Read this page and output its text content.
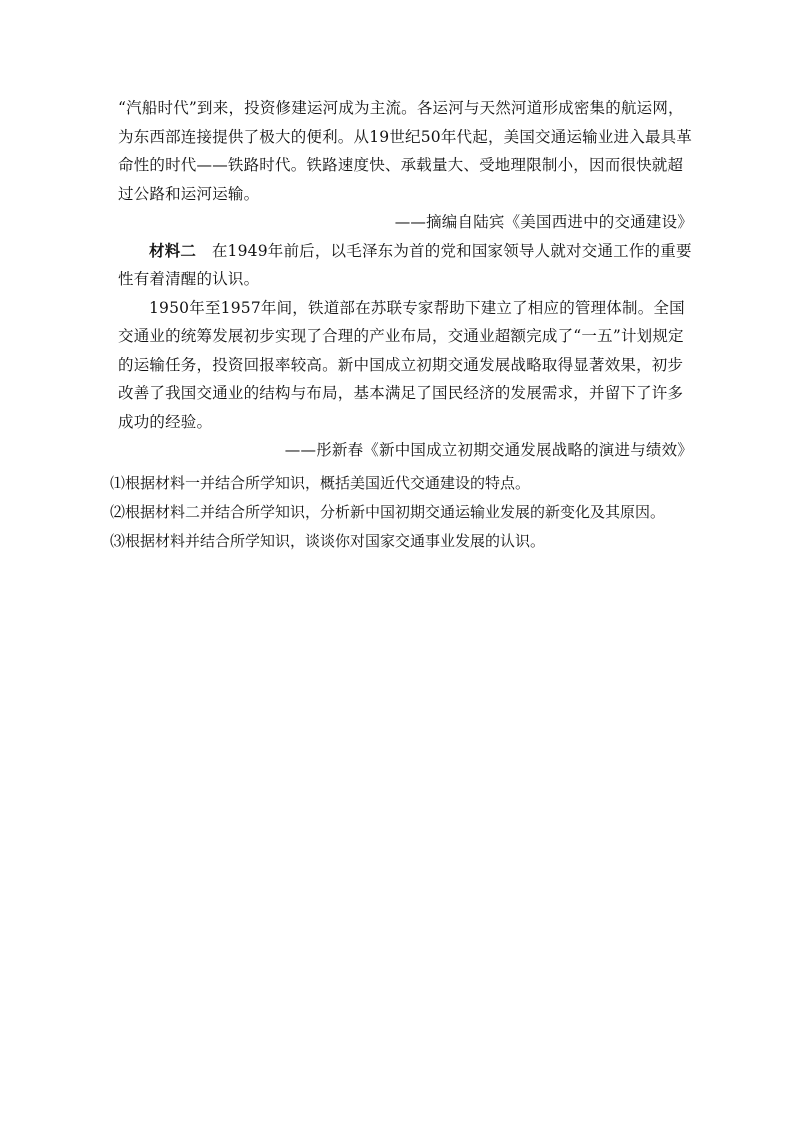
“汽船时代”到来，投资修建运河成为主流。各运河与天然河道形成密集的航运网，为东西部连接提供了极大的便利。从19世纪50年代起，美国交通运输业进入最具革命性的时代——铁路时代。铁路速度快、承载量大、受地理限制小，因而很快就超过公路和运河运输。

——摘编自陆宾《美国西进中的交通建设》

材料二　 在1949年前后，以毛泽东为首的党和国家领导人就对交通工作的重要性有着清醒的认识。

1950年至1957年间，铁道部在苏联专家帮助下建立了相应的管理体制。全国交通业的统筹发展初步实现了合理的产业布局，交通业超额完成了“一五”计划规定的运输任务，投资回报率较高。新中国成立初期交通发展战略取得显著效果，初步改善了我国交通业的结构与布局，基本满足了国民经济的发展需求，并留下了许多成功的经验。

——彤新春《新中国成立初期交通发展战略的演进与绩效》

⑴根据材料一并结合所学知识，概括美国近代交通建设的特点。

⑵根据材料二并结合所学知识，分析新中国初期交通运输业发展的新变化及其原因。

⑶根据材料并结合所学知识，谈谈你对国家交通事业发展的认识。
